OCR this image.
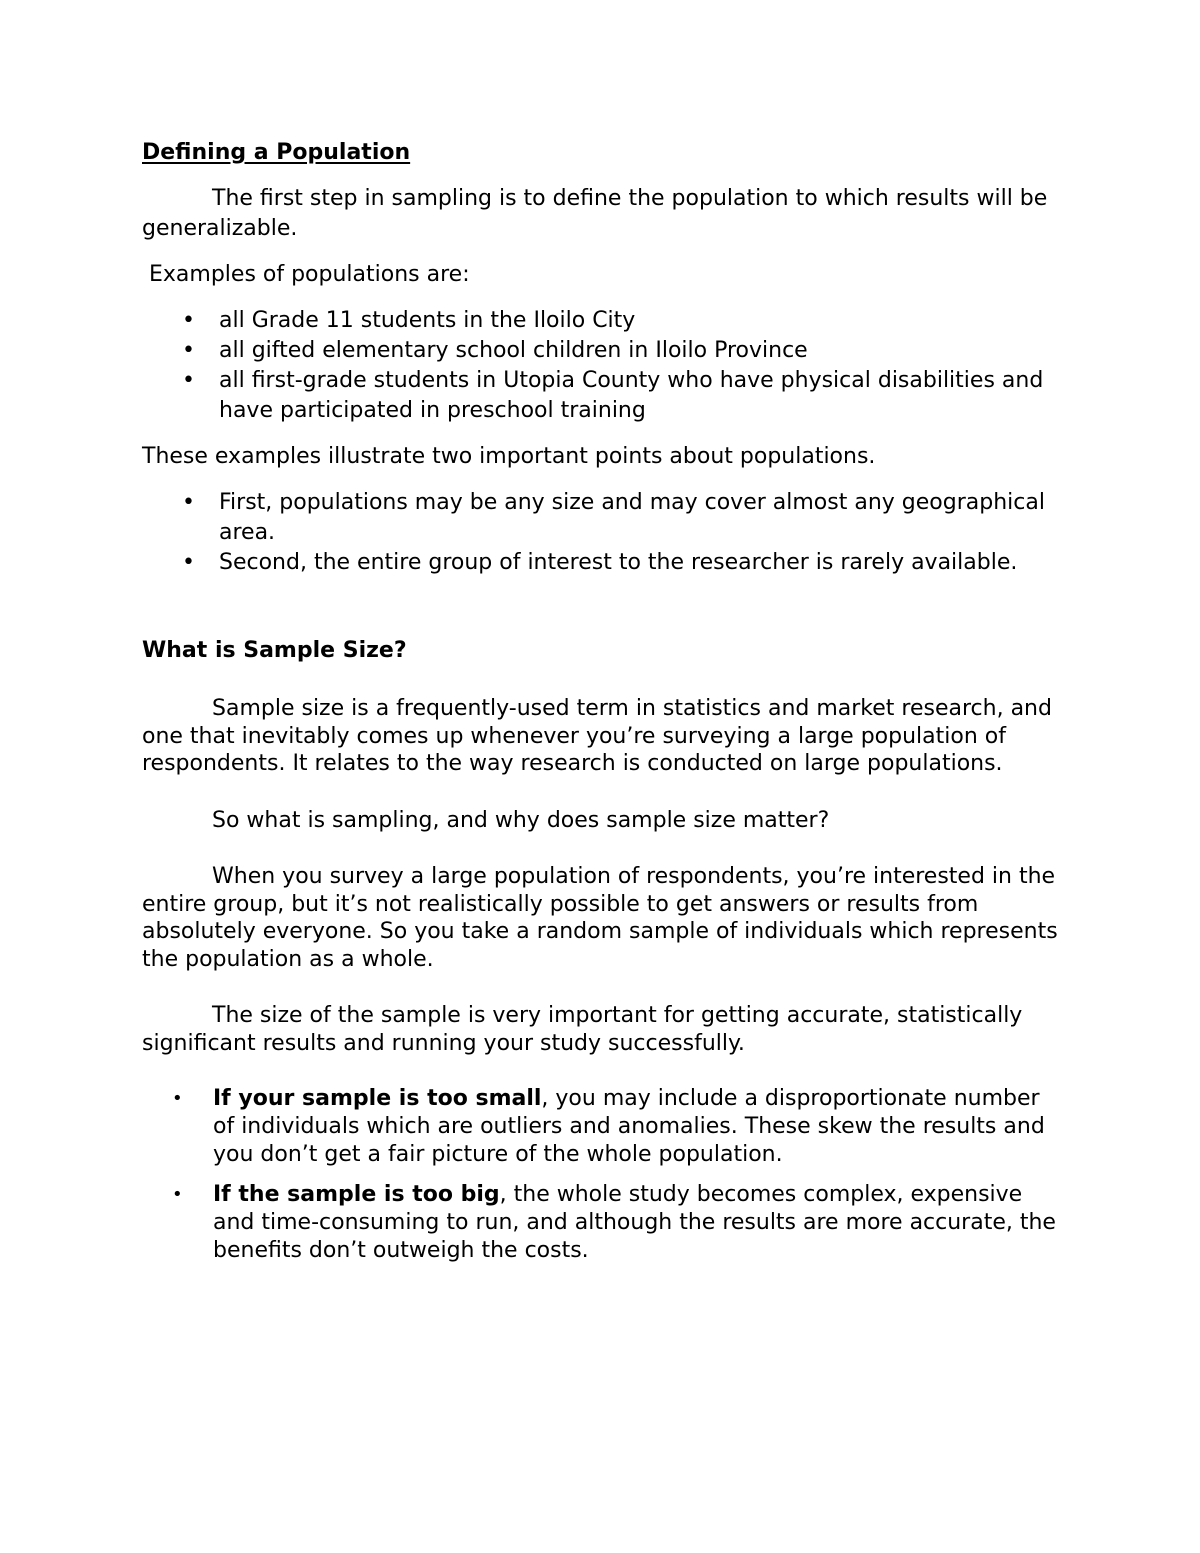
Defining a Population

The first step in sampling is to define the population to which results will be generalizable.

Examples of populations are:

• all Grade 11 students in the Iloilo City
• all gifted elementary school children in Iloilo Province
• all first-grade students in Utopia County who have physical disabilities and have participated in preschool training

These examples illustrate two important points about populations.

• First, populations may be any size and may cover almost any geographical area.
• Second, the entire group of interest to the researcher is rarely available.
What is Sample Size?

Sample size is a frequently-used term in statistics and market research, and one that inevitably comes up whenever you’re surveying a large population of respondents. It relates to the way research is conducted on large populations.

So what is sampling, and why does sample size matter?

When you survey a large population of respondents, you’re interested in the entire group, but it’s not realistically possible to get answers or results from absolutely everyone. So you take a random sample of individuals which represents the population as a whole.

The size of the sample is very important for getting accurate, statistically significant results and running your study successfully.

• If your sample is too small, you may include a disproportionate number of individuals which are outliers and anomalies. These skew the results and you don’t get a fair picture of the whole population.
• If the sample is too big, the whole study becomes complex, expensive and time-consuming to run, and although the results are more accurate, the benefits don’t outweigh the costs.
